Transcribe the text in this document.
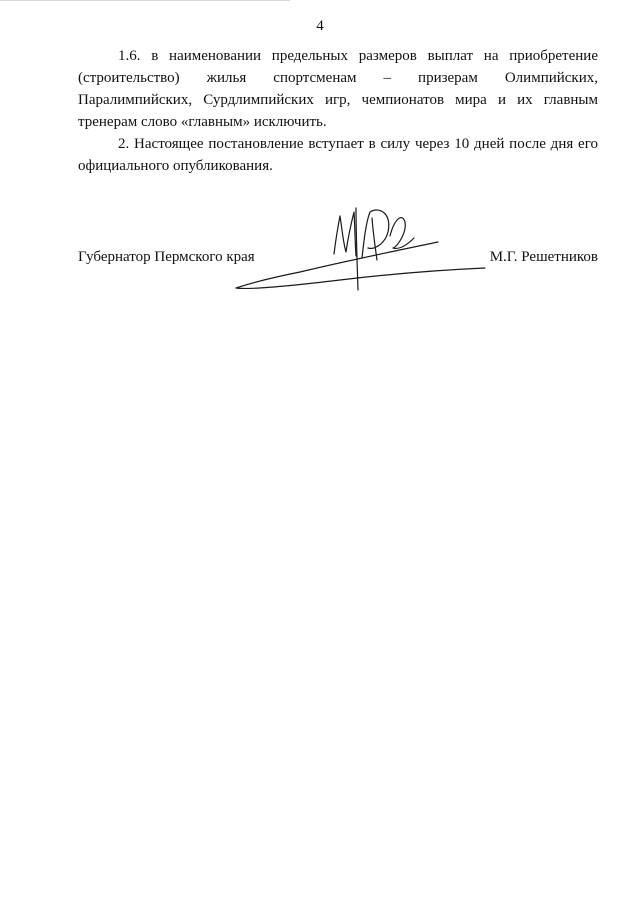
4

1.6. в наименовании предельных размеров выплат на приобретение (строительство) жилья спортсменам – призерам Олимпийских, Паралимпийских, Сурдлимпийских игр, чемпионатов мира и их главным тренерам слово «главным» исключить.

2. Настоящее постановление вступает в силу через 10 дней после дня его официального опубликования.

Губернатор Пермского края	М.Г. Решетников
